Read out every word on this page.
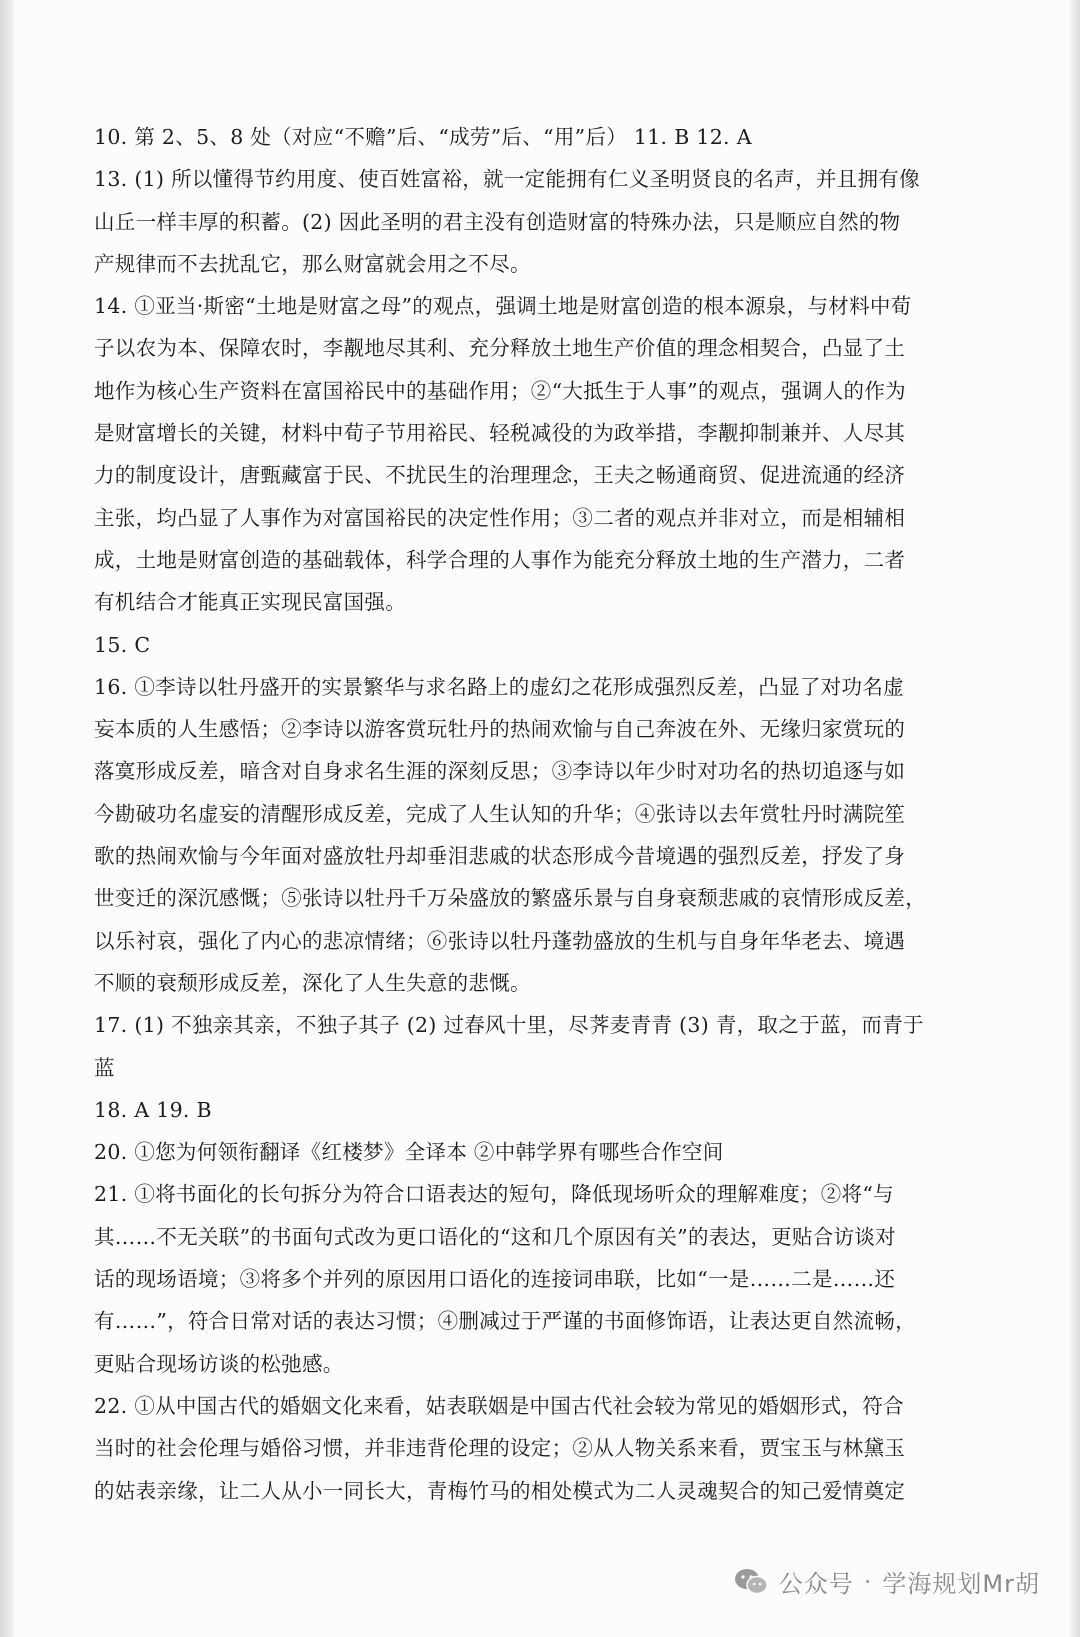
10. 第 2、5、8 处（对应“不赡”后、“成劳”后、“用”后） 11. B 12. A

13. (1) 所以懂得节约用度、使百姓富裕，就一定能拥有仁义圣明贤良的名声，并且拥有像
山丘一样丰厚的积蓄。(2) 因此圣明的君主没有创造财富的特殊办法，只是顺应自然的物
产规律而不去扰乱它，那么财富就会用之不尽。

14. ①亚当·斯密“土地是财富之母”的观点，强调土地是财富创造的根本源泉，与材料中荀
子以农为本、保障农时，李觏地尽其利、充分释放土地生产价值的理念相契合，凸显了土
地作为核心生产资料在富国裕民中的基础作用；②“大抵生于人事”的观点，强调人的作为
是财富增长的关键，材料中荀子节用裕民、轻税减役的为政举措，李觏抑制兼并、人尽其
力的制度设计，唐甄藏富于民、不扰民生的治理理念，王夫之畅通商贸、促进流通的经济
主张，均凸显了人事作为对富国裕民的决定性作用；③二者的观点并非对立，而是相辅相
成，土地是财富创造的基础载体，科学合理的人事作为能充分释放土地的生产潜力，二者
有机结合才能真正实现民富国强。

15. C

16. ①李诗以牡丹盛开的实景繁华与求名路上的虚幻之花形成强烈反差，凸显了对功名虚
妄本质的人生感悟；②李诗以游客赏玩牡丹的热闹欢愉与自己奔波在外、无缘归家赏玩的
落寞形成反差，暗含对自身求名生涯的深刻反思；③李诗以年少时对功名的热切追逐与如
今勘破功名虚妄的清醒形成反差，完成了人生认知的升华；④张诗以去年赏牡丹时满院笙
歌的热闹欢愉与今年面对盛放牡丹却垂泪悲戚的状态形成今昔境遇的强烈反差，抒发了身
世变迁的深沉感慨；⑤张诗以牡丹千万朵盛放的繁盛乐景与自身衰颓悲戚的哀情形成反差，
以乐衬哀，强化了内心的悲凉情绪；⑥张诗以牡丹蓬勃盛放的生机与自身年华老去、境遇
不顺的衰颓形成反差，深化了人生失意的悲慨。

17. (1) 不独亲其亲，不独子其子 (2) 过春风十里，尽荠麦青青 (3) 青，取之于蓝，而青于
蓝

18. A 19. B

20. ①您为何领衔翻译《红楼梦》全译本 ②中韩学界有哪些合作空间

21. ①将书面化的长句拆分为符合口语表达的短句，降低现场听众的理解难度；②将“与
其……不无关联”的书面句式改为更口语化的“这和几个原因有关”的表达，更贴合访谈对
话的现场语境；③将多个并列的原因用口语化的连接词串联，比如“一是……二是……还
有……”，符合日常对话的表达习惯；④删减过于严谨的书面修饰语，让表达更自然流畅，
更贴合现场访谈的松弛感。

22. ①从中国古代的婚姻文化来看，姑表联姻是中国古代社会较为常见的婚姻形式，符合
当时的社会伦理与婚俗习惯，并非违背伦理的设定；②从人物关系来看，贾宝玉与林黛玉
的姑表亲缘，让二人从小一同长大，青梅竹马的相处模式为二人灵魂契合的知己爱情奠定

公众号 · 学海规划Mr胡
